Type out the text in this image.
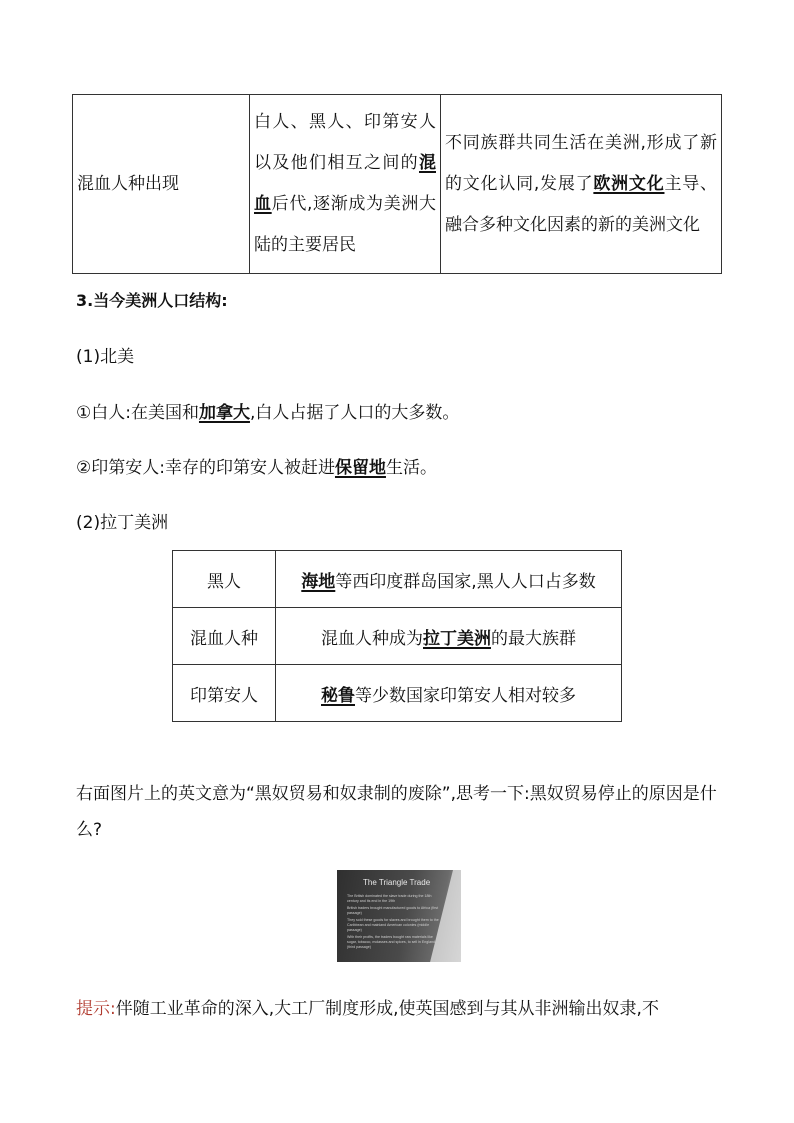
混血人种出现	白人、黑人、印第安人以及他们相互之间的混血后代,逐渐成为美洲大陆的主要居民	不同族群共同生活在美洲,形成了新的文化认同,发展了欧洲文化主导、融合多种文化因素的新的美洲文化
3.当今美洲人口结构:
(1)北美
①白人:在美国和加拿大,白人占据了人口的大多数。
②印第安人:幸存的印第安人被赶进保留地生活。
(2)拉丁美洲
黑人	海地等西印度群岛国家,黑人人口占多数
混血人种	混血人种成为拉丁美洲的最大族群
印第安人	秘鲁等少数国家印第安人相对较多
右面图片上的英文意为“黑奴贸易和奴隶制的废除”,思考一下:黑奴贸易停止的原因是什么?
The Triangle Trade
The British dominated the slave trade during the 18th century and its end in the 19th
British traders brought manufactured goods to Africa (first passage)
They sold these goods for slaves and brought them to the Caribbean and mainland American colonies (middle passage)
With their profits, the traders bought raw materials like sugar, tobacco, molasses and spices, to sell in England (third passage)
提示:伴随工业革命的深入,大工厂制度形成,使英国感到与其从非洲输出奴隶,不
